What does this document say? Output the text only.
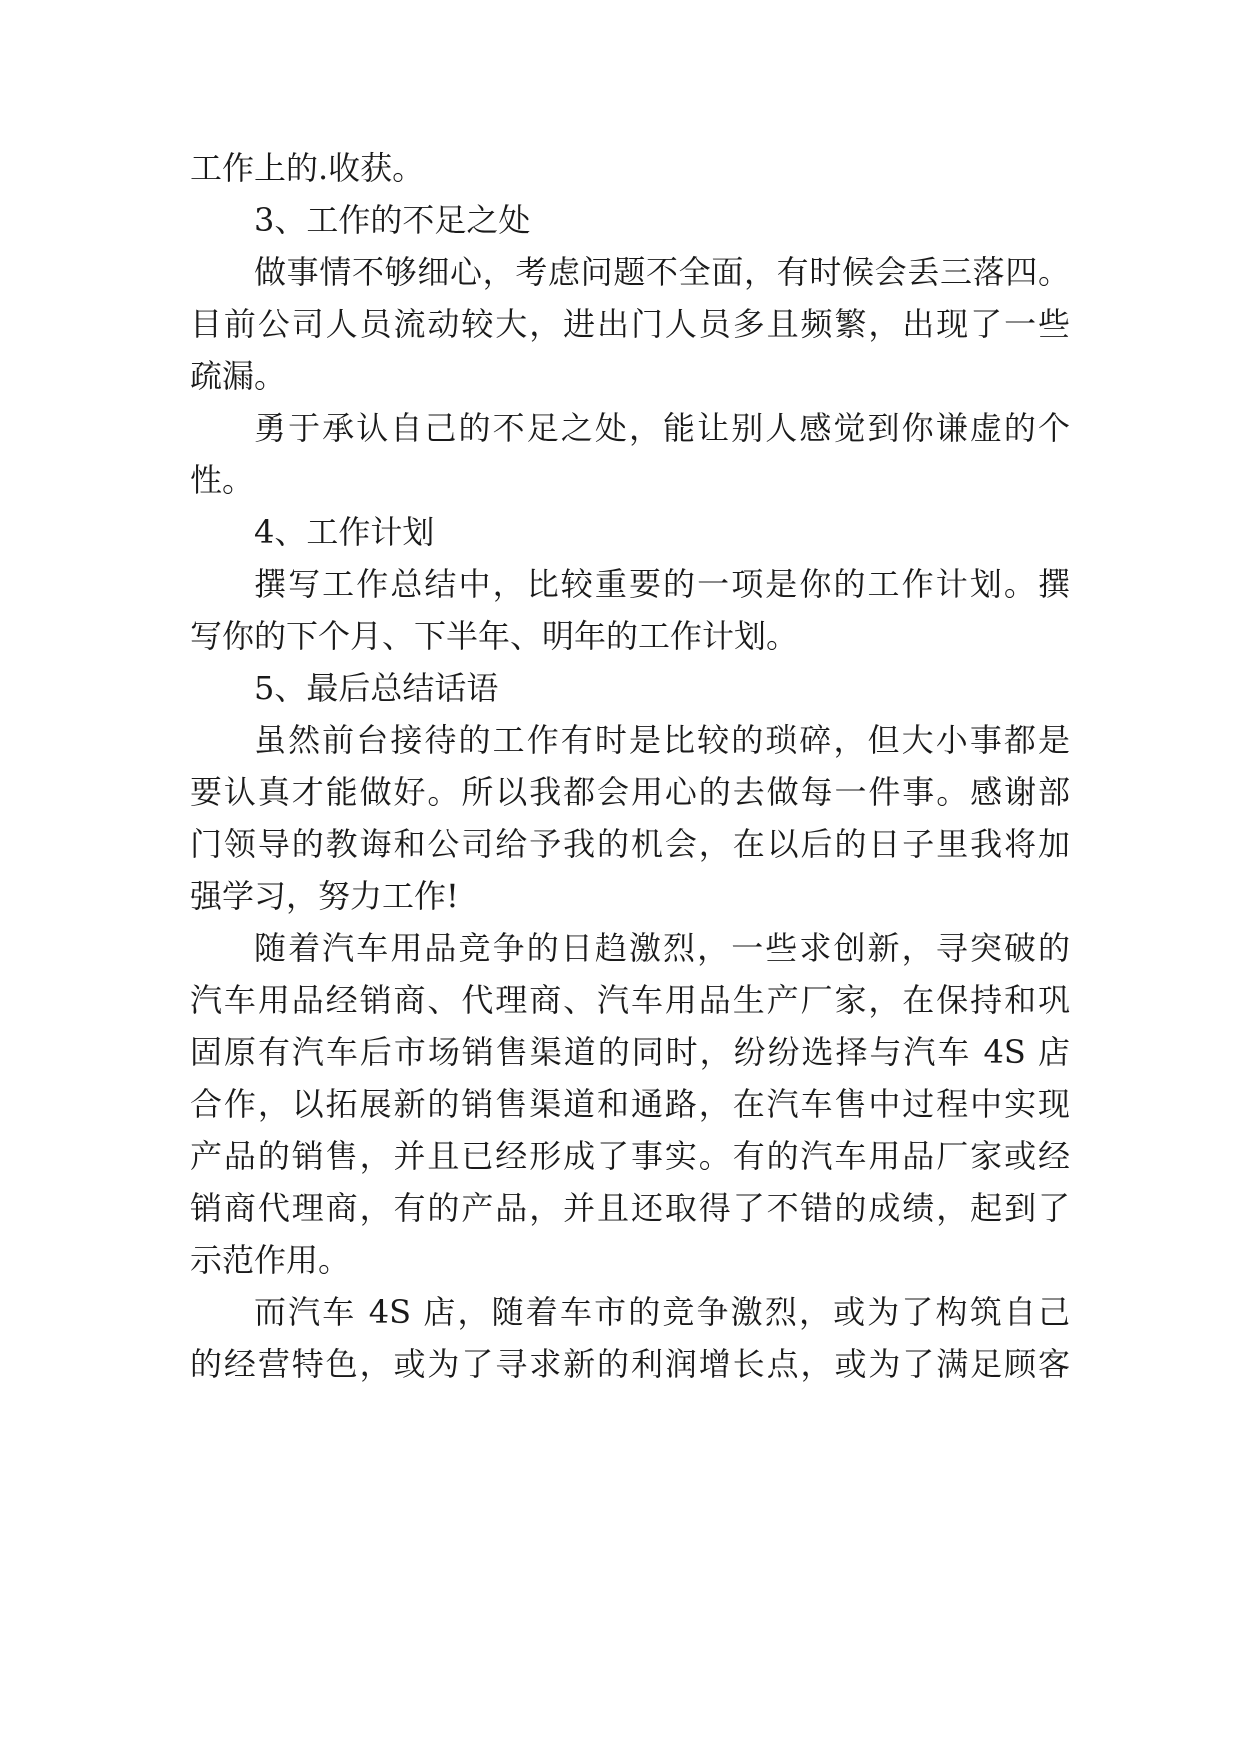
工作上的.收获。
3、工作的不足之处
做事情不够细心，考虑问题不全面，有时候会丢三落四。
目前公司人员流动较大，进出门人员多且频繁，出现了一些
疏漏。
勇于承认自己的不足之处，能让别人感觉到你谦虚的个
性。
4、工作计划
撰写工作总结中，比较重要的一项是你的工作计划。撰
写你的下个月、下半年、明年的工作计划。
5、最后总结话语
虽然前台接待的工作有时是比较的琐碎，但大小事都是
要认真才能做好。所以我都会用心的去做每一件事。感谢部
门领导的教诲和公司给予我的机会，在以后的日子里我将加
强学习，努力工作!
随着汽车用品竞争的日趋激烈，一些求创新，寻突破的
汽车用品经销商、代理商、汽车用品生产厂家，在保持和巩
固原有汽车后市场销售渠道的同时，纷纷选择与汽车 4S 店
合作，以拓展新的销售渠道和通路，在汽车售中过程中实现
产品的销售，并且已经形成了事实。有的汽车用品厂家或经
销商代理商，有的产品，并且还取得了不错的成绩，起到了
示范作用。
而汽车 4S 店，随着车市的竞争激烈，或为了构筑自己
的经营特色，或为了寻求新的利润增长点，或为了满足顾客
